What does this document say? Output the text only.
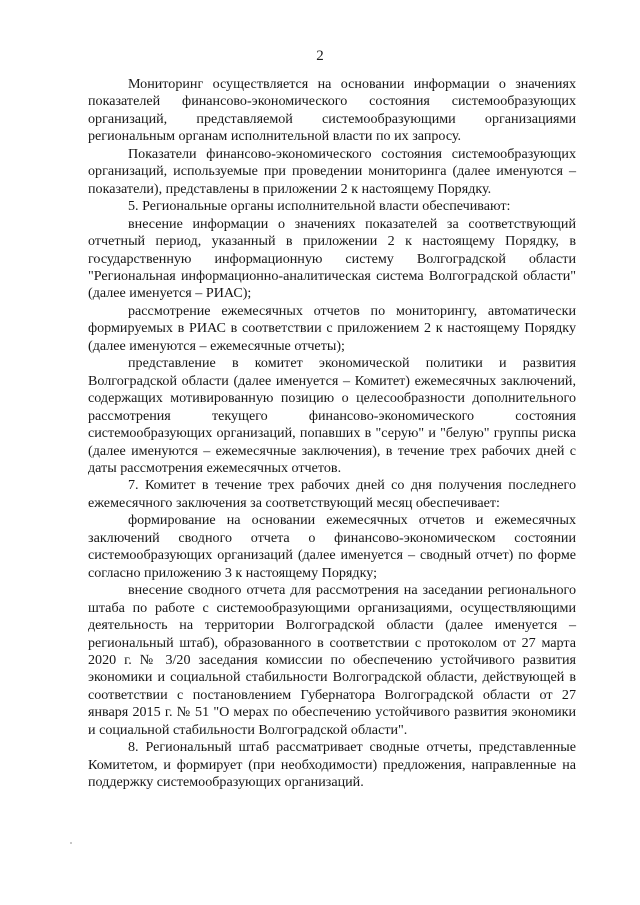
2

Мониторинг осуществляется на основании информации о значениях показателей финансово-экономического состояния системообразующих организаций, представляемой системообразующими организациями региональным органам исполнительной власти по их запросу.

Показатели финансово-экономического состояния системообразующих организаций, используемые при проведении мониторинга (далее именуются – показатели), представлены в приложении 2 к настоящему Порядку.

5. Региональные органы исполнительной власти обеспечивают:

внесение информации о значениях показателей за соответствующий отчетный период, указанный в приложении 2 к настоящему Порядку, в государственную информационную систему Волгоградской области "Региональная информационно-аналитическая система Волгоградской области" (далее именуется – РИАС);

рассмотрение ежемесячных отчетов по мониторингу, автоматически формируемых в РИАС в соответствии с приложением 2 к настоящему Порядку (далее именуются – ежемесячные отчеты);

представление в комитет экономической политики и развития Волгоградской области (далее именуется – Комитет) ежемесячных заключений, содержащих мотивированную позицию о целесообразности дополнительного рассмотрения текущего финансово-экономического состояния системообразующих организаций, попавших в "серую" и "белую" группы риска (далее именуются – ежемесячные заключения), в течение трех рабочих дней с даты рассмотрения ежемесячных отчетов.

7. Комитет в течение трех рабочих дней со дня получения последнего ежемесячного заключения за соответствующий месяц обеспечивает:

формирование на основании ежемесячных отчетов и ежемесячных заключений сводного отчета о финансово-экономическом состоянии системообразующих организаций (далее именуется – сводный отчет) по форме согласно приложению 3 к настоящему Порядку;

внесение сводного отчета для рассмотрения на заседании регионального штаба по работе с системообразующими организациями, осуществляющими деятельность на территории Волгоградской области (далее именуется – региональный штаб), образованного в соответствии с протоколом от 27 марта 2020 г. № 3/20 заседания комиссии по обеспечению устойчивого развития экономики и социальной стабильности Волгоградской области, действующей в соответствии с постановлением Губернатора Волгоградской области от 27 января 2015 г. № 51 "О мерах по обеспечению устойчивого развития экономики и социальной стабильности Волгоградской области".

8. Региональный штаб рассматривает сводные отчеты, представленные Комитетом, и формирует (при необходимости) предложения, направленные на поддержку системообразующих организаций.
